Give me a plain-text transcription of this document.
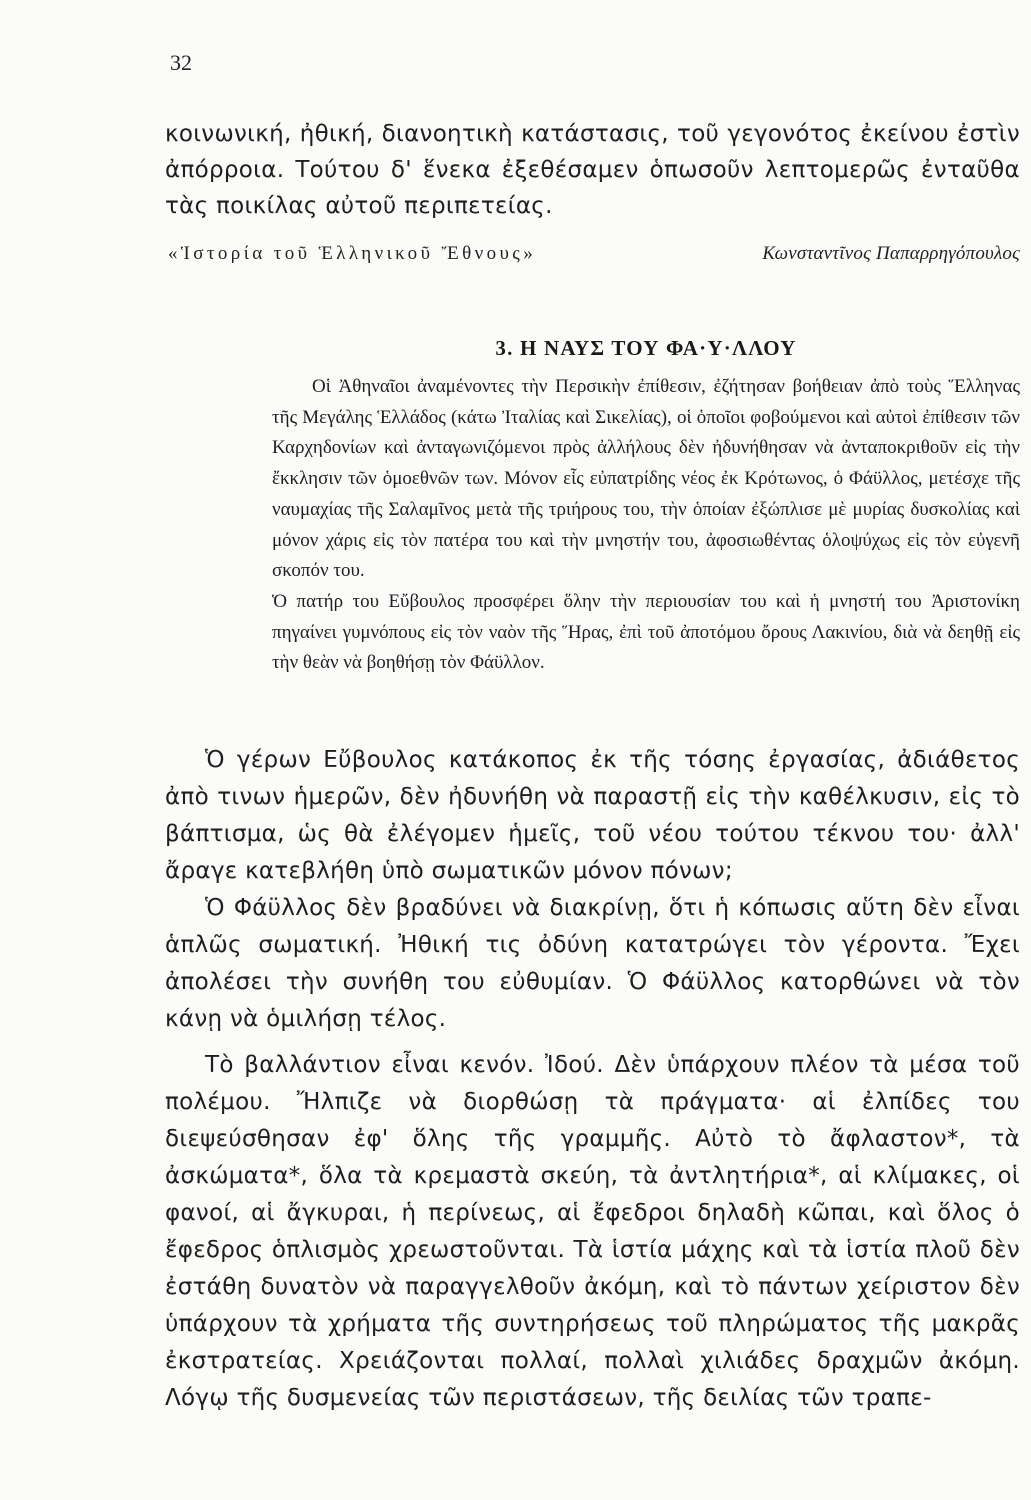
32

κοινωνική, ἠθική, διανοητικὴ κατάστασις, τοῦ γεγονότος ἐκείνου ἐστὶν ἀπόρροια. Τούτου δ' ἕνεκα ἐξεθέσαμεν ὁπωσοῦν λεπτομερῶς ἐνταῦθα τὰς ποικίλας αὐτοῦ περιπετείας.

«Ἱστορία τοῦ Ἑλληνικοῦ Ἔθνους»	Κωνσταντῖνος Παπαρρηγόπουλος
3. Η ΝΑΥΣ ΤΟΥ ΦΑ·Υ·ΛΛΟΥ

Οἱ Ἀθηναῖοι ἀναμένοντες τὴν Περσικὴν ἐπίθεσιν, ἐζήτησαν βοήθειαν ἀπὸ τοὺς Ἕλληνας τῆς Μεγάλης Ἑλλάδος (κάτω Ἰταλίας καὶ Σικελίας), οἱ ὁποῖοι φοβούμενοι καὶ αὐτοὶ ἐπίθεσιν τῶν Καρχηδονίων καὶ ἀνταγωνιζόμενοι πρὸς ἀλλήλους δὲν ἠδυνήθησαν νὰ ἀνταποκριθοῦν εἰς τὴν ἔκκλησιν τῶν ὁμοεθνῶν των. Μόνον εἷς εὐπατρίδης νέος ἐκ Κρότωνος, ὁ Φάϋλλος, μετέσχε τῆς ναυμαχίας τῆς Σαλαμῖνος μετὰ τῆς τριήρους του, τὴν ὁποίαν ἐξώπλισε μὲ μυρίας δυσκολίας καὶ μόνον χάρις εἰς τὸν πατέρα του καὶ τὴν μνηστήν του, ἀφοσιωθέντας ὁλοψύχως εἰς τὸν εὐγενῆ σκοπόν του.

Ὁ πατήρ του Εὔβουλος προσφέρει ὅλην τὴν περιουσίαν του καὶ ἡ μνηστή του Ἀριστονίκη πηγαίνει γυμνόπους εἰς τὸν ναὸν τῆς Ἥρας, ἐπὶ τοῦ ἀποτόμου ὄρους Λακινίου, διὰ νὰ δεηθῇ εἰς τὴν θεὰν νὰ βοηθήσῃ τὸν Φάϋλλον.

Ὁ γέρων Εὔβουλος κατάκοπος ἐκ τῆς τόσης ἐργασίας, ἀδιάθετος ἀπὸ τινων ἡμερῶν, δὲν ἠδυνήθη νὰ παραστῇ εἰς τὴν καθέλκυσιν, εἰς τὸ βάπτισμα, ὡς θὰ ἐλέγομεν ἡμεῖς, τοῦ νέου τούτου τέκνου του· ἀλλ' ἄραγε κατεβλήθη ὑπὸ σωματικῶν μόνον πόνων;

Ὁ Φάϋλλος δὲν βραδύνει νὰ διακρίνῃ, ὅτι ἡ κόπωσις αὕτη δὲν εἶναι ἁπλῶς σωματική. Ἠθική τις ὀδύνη κατατρώγει τὸν γέροντα. Ἔχει ἀπολέσει τὴν συνήθη του εὐθυμίαν. Ὁ Φάϋλλος κατορθώνει νὰ τὸν κάνῃ νὰ ὁμιλήσῃ τέλος.

Τὸ βαλλάντιον εἶναι κενόν. Ἰδού. Δὲν ὑπάρχουν πλέον τὰ μέσα τοῦ πολέμου. Ἤλπιζε νὰ διορθώσῃ τὰ πράγματα· αἱ ἐλπίδες του διεψεύσθησαν ἐφ' ὅλης τῆς γραμμῆς. Αὐτὸ τὸ ἄφλαστον*, τὰ ἀσκώματα*, ὅλα τὰ κρεμαστὰ σκεύη, τὰ ἀντλητήρια*, αἱ κλίμακες, οἱ φανοί, αἱ ἄγκυραι, ἡ περίνεως, αἱ ἔφεδροι δηλαδὴ κῶπαι, καὶ ὅλος ὁ ἔφεδρος ὁπλισμὸς χρεωστοῦνται. Τὰ ἱστία μάχης καὶ τὰ ἱστία πλοῦ δὲν ἐστάθη δυνατὸν νὰ παραγγελθοῦν ἀκόμη, καὶ τὸ πάντων χείριστον δὲν ὑπάρχουν τὰ χρήματα τῆς συντηρήσεως τοῦ πληρώματος τῆς μακρᾶς ἐκστρατείας. Χρειάζονται πολλαί, πολλαὶ χιλιάδες δραχμῶν ἀκόμη. Λόγῳ τῆς δυσμενείας τῶν περιστάσεων, τῆς δειλίας τῶν τραπε-
